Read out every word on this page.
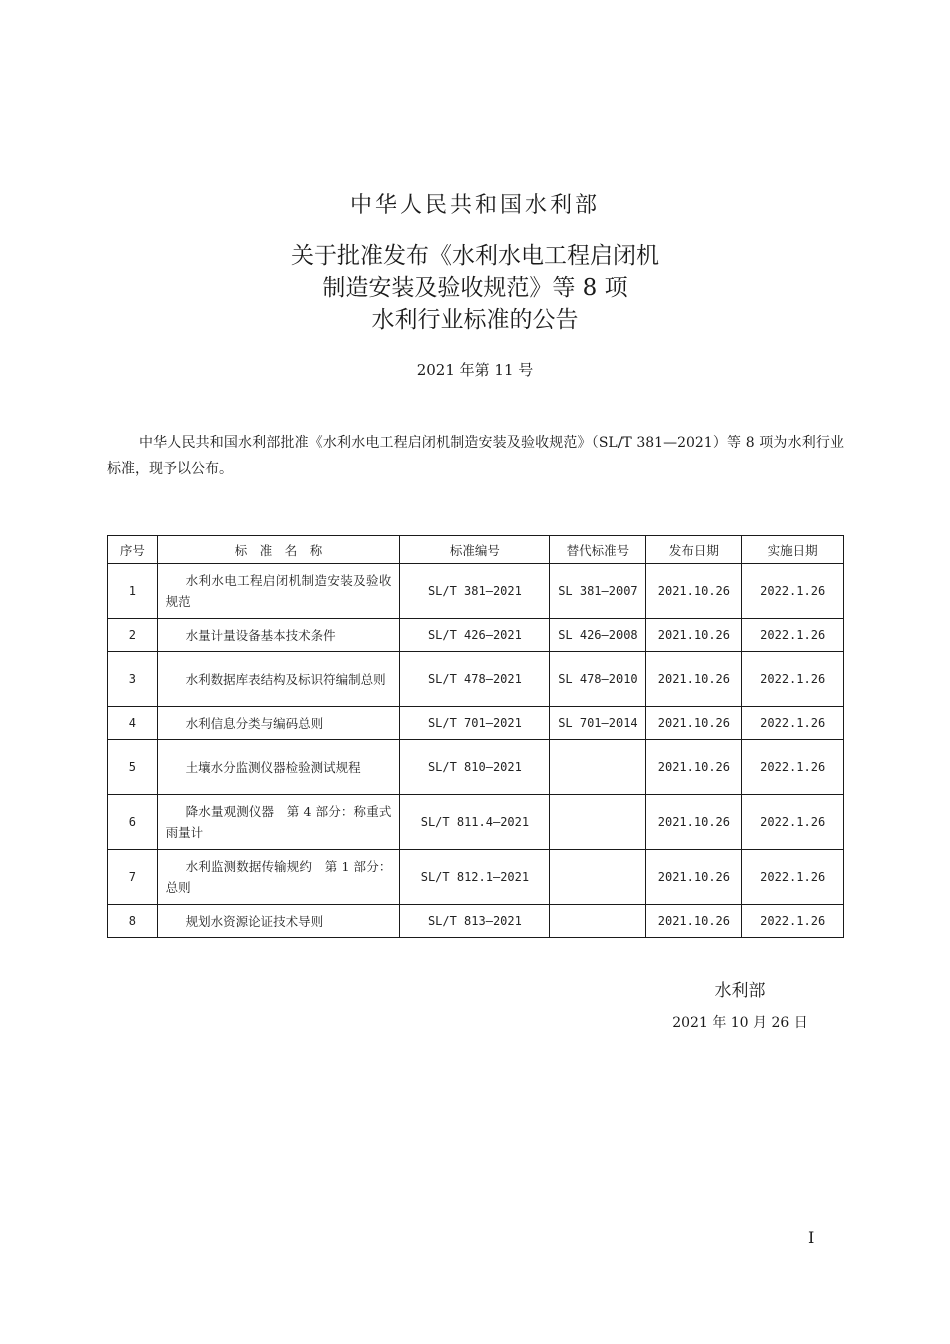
中华人民共和国水利部
关于批准发布《水利水电工程启闭机
制造安装及验收规范》等 8 项
水利行业标准的公告
2021 年第 11 号
中华人民共和国水利部批准《水利水电工程启闭机制造安装及验收规范》（SL/T 381—2021）等 8 项为水利行业标准，现予以公布。
序号	标　准　名　称	标准编号	替代标准号	发布日期	实施日期
1	水利水电工程启闭机制造安装及验收规范	SL/T 381—2021	SL 381—2007	2021.10.26	2022.1.26
2	水量计量设备基本技术条件	SL/T 426—2021	SL 426—2008	2021.10.26	2022.1.26
3	水利数据库表结构及标识符编制总则	SL/T 478—2021	SL 478—2010	2021.10.26	2022.1.26
4	水利信息分类与编码总则	SL/T 701—2021	SL 701—2014	2021.10.26	2022.1.26
5	土壤水分监测仪器检验测试规程	SL/T 810—2021		2021.10.26	2022.1.26
6	降水量观测仪器　第 4 部分：称重式雨量计	SL/T 811.4—2021		2021.10.26	2022.1.26
7	水利监测数据传输规约　第 1 部分：总则	SL/T 812.1—2021		2021.10.26	2022.1.26
8	规划水资源论证技术导则	SL/T 813—2021		2021.10.26	2022.1.26
水利部
2021 年 10 月 26 日
Ⅰ
